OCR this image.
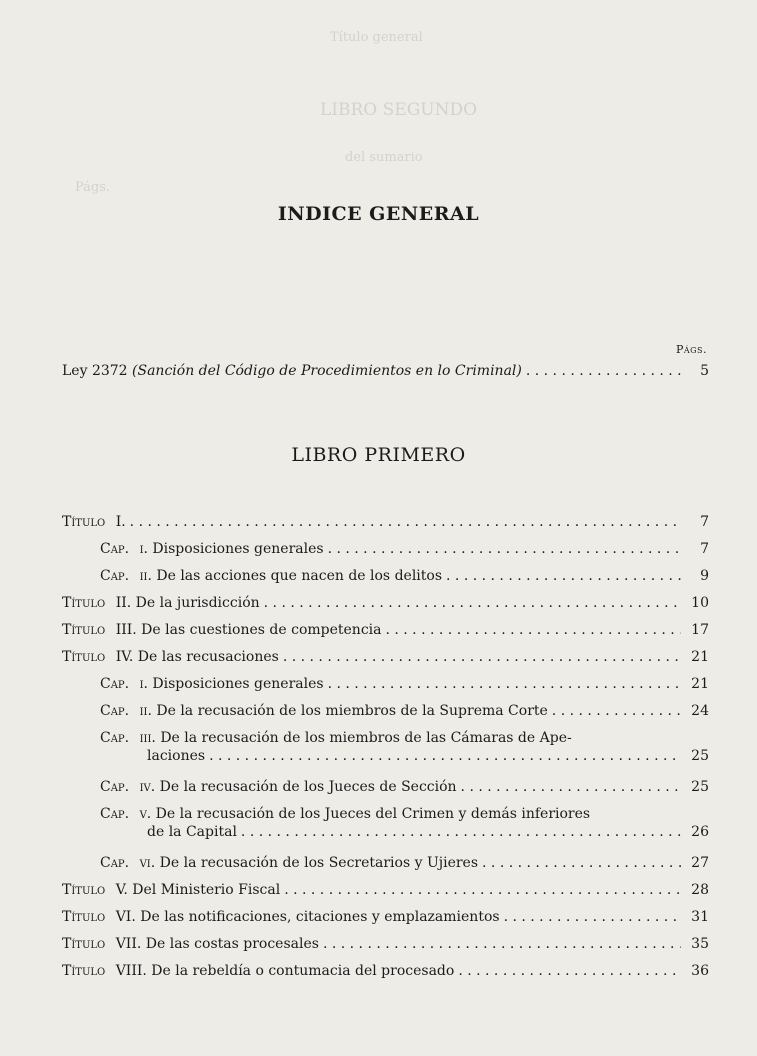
Título general
LIBRO SEGUNDO
del sumario
Págs.
INDICE GENERAL
Págs.
Ley 2372
(Sanción del Código de Procedimientos en lo Criminal) . . .	5
LIBRO PRIMERO
Título I. . . .	7
Cap. i. Disposiciones generales . . .	7
Cap. ii. De las acciones que nacen de los delitos . . .	9
Título II. De la jurisdicción . . .	10
Título III. De las cuestiones de competencia . . .	17
Título IV. De las recusaciones . . .	21
Cap. i. Disposiciones generales . . .	21
Cap. ii. De la recusación de los miembros de la Suprema Corte . . .	24
Cap. iii. De la recusación de los miembros de las Cámaras de Ape-
laciones . . .	25
Cap. iv. De la recusación de los Jueces de Sección . . .	25
Cap. v. De la recusación de los Jueces del Crimen y demás inferiores
de la Capital . . .	26
Cap. vi. De la recusación de los Secretarios y Ujieres . . .	27
Título V. Del Ministerio Fiscal . . .	28
Título VI. De las notificaciones, citaciones y emplazamientos . . .	31
Título VII. De las costas procesales . . .	35
Título VIII. De la rebeldía o contumacia del procesado . . .	36
